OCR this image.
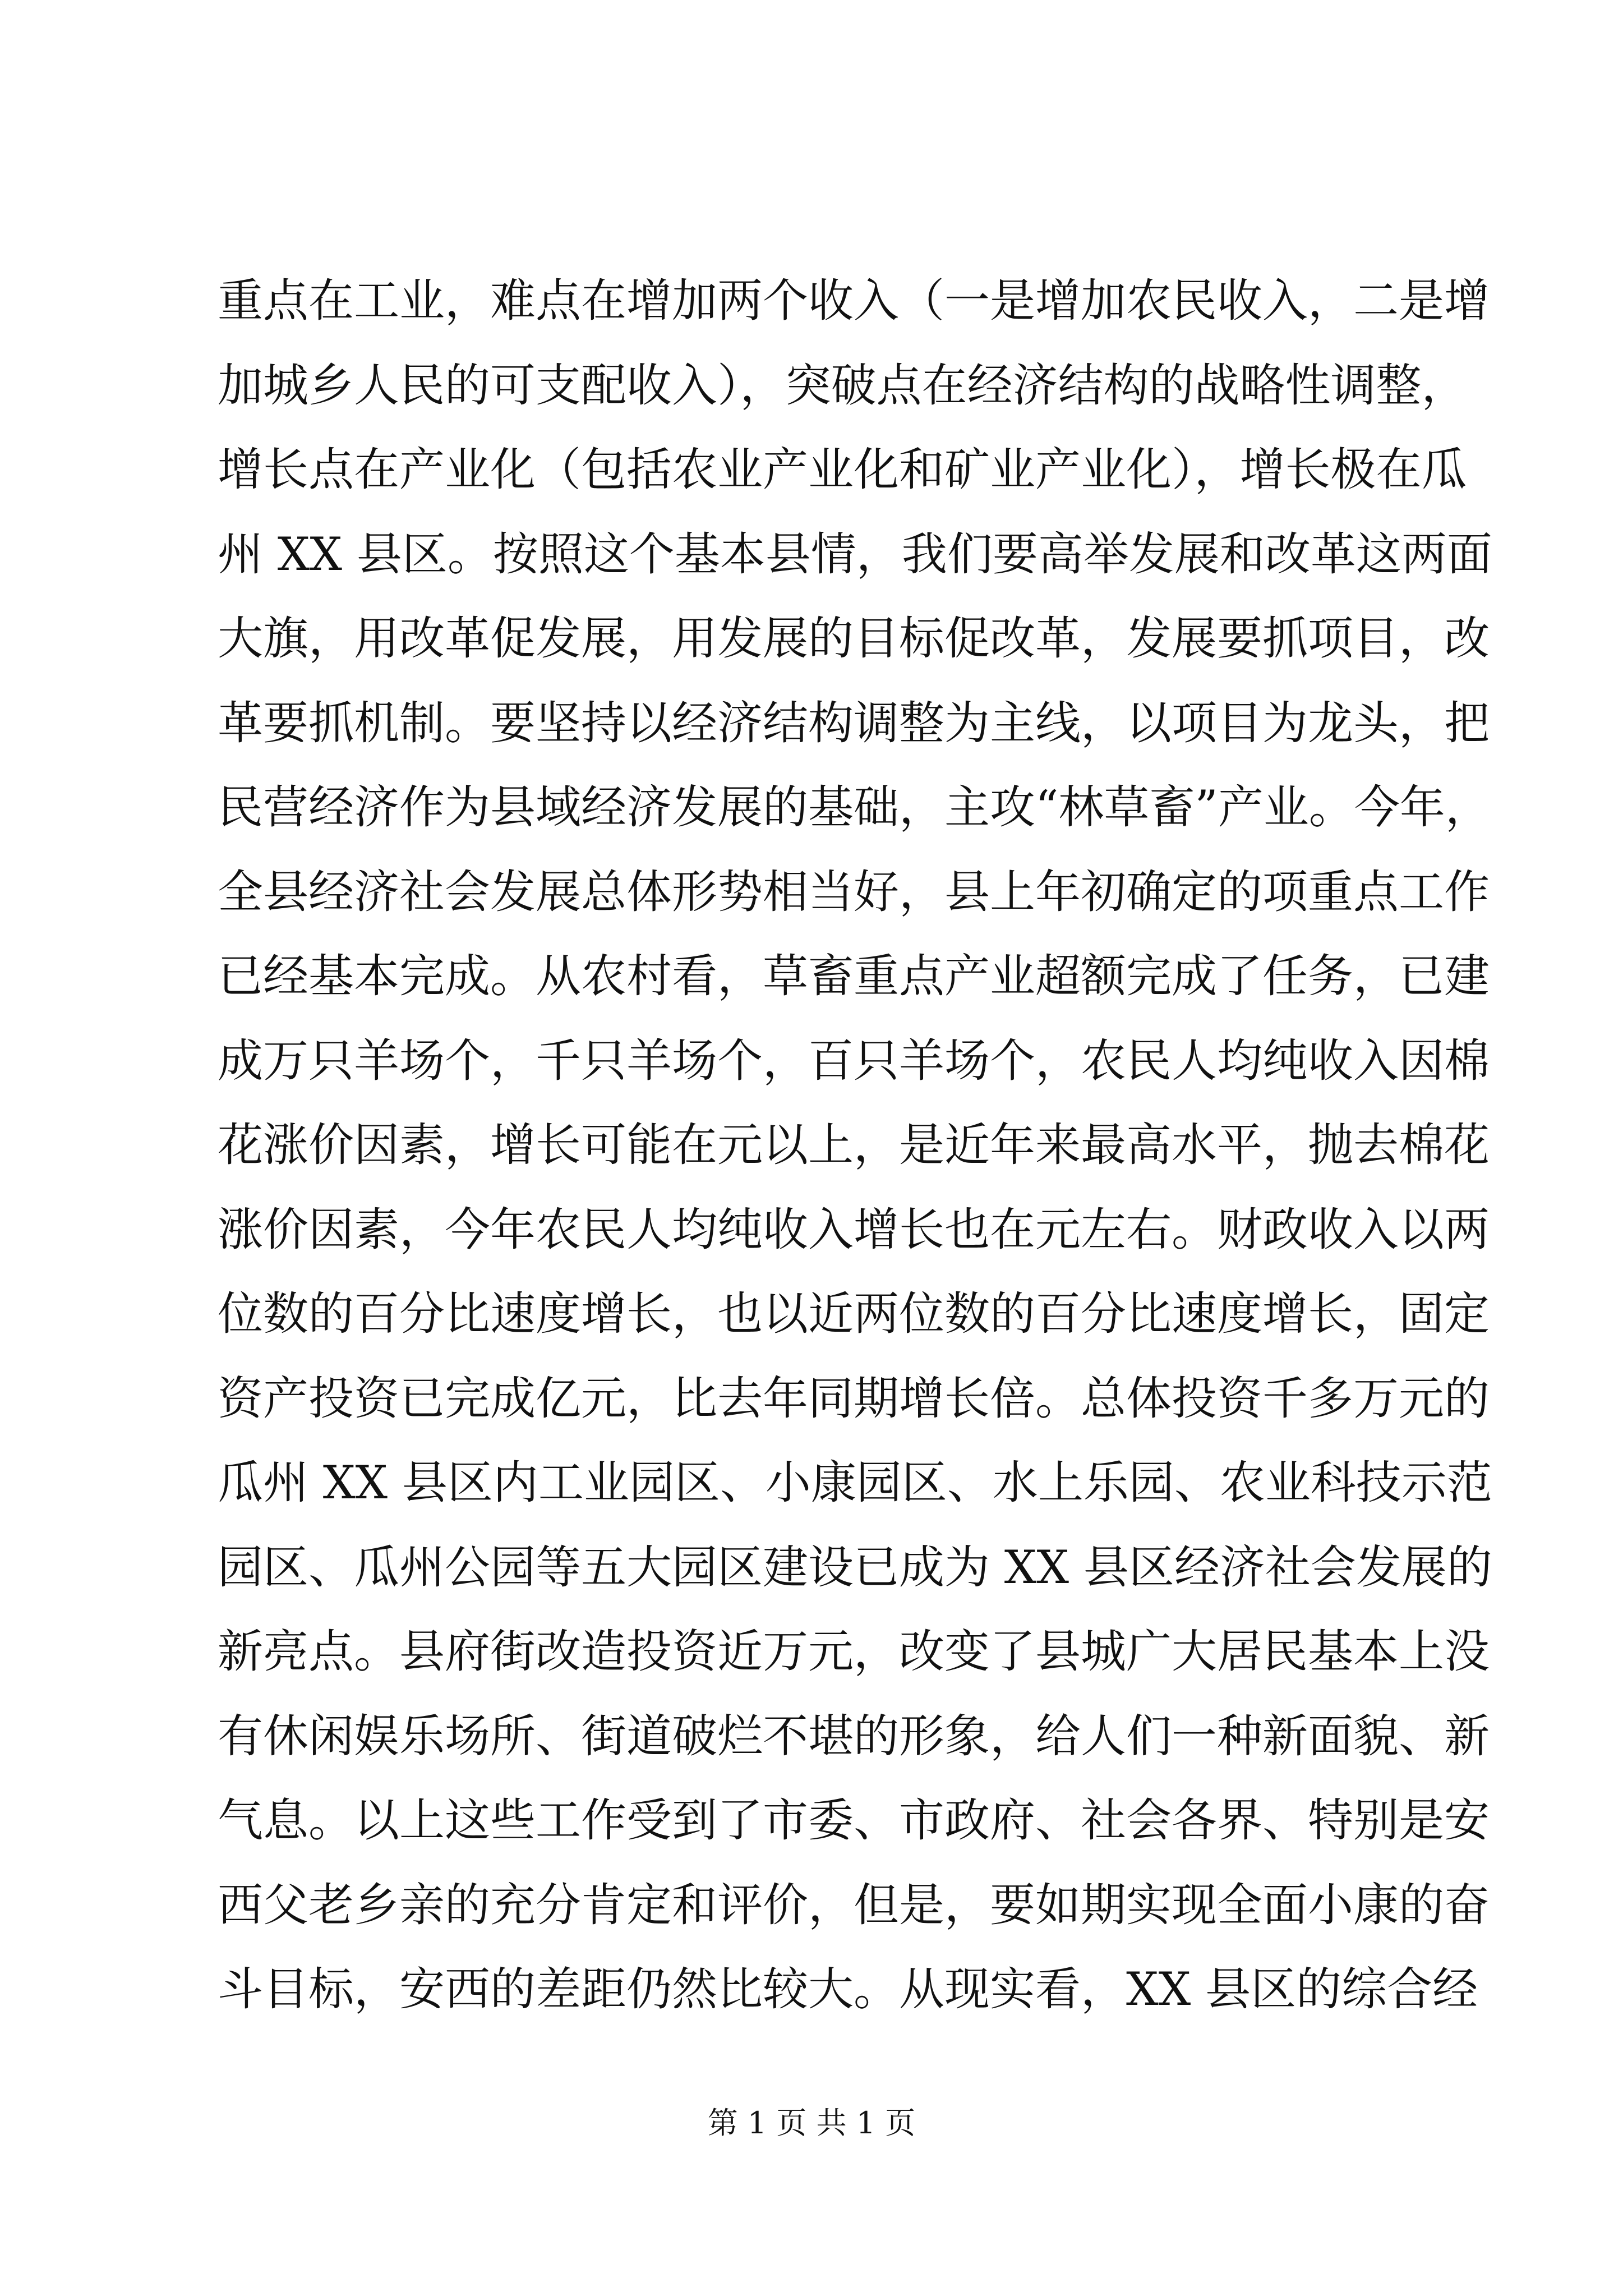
重点在工业，难点在增加两个收入（一是增加农民收入，二是增
加城乡人民的可支配收入），突破点在经济结构的战略性调整，
增长点在产业化（包括农业产业化和矿业产业化），增长极在瓜
州 XX 县区。按照这个基本县情，我们要高举发展和改革这两面
大旗，用改革促发展，用发展的目标促改革，发展要抓项目，改
革要抓机制。要坚持以经济结构调整为主线，以项目为龙头，把
民营经济作为县域经济发展的基础，主攻“林草畜”产业。今年，
全县经济社会发展总体形势相当好，县上年初确定的项重点工作
已经基本完成。从农村看，草畜重点产业超额完成了任务，已建
成万只羊场个，千只羊场个，百只羊场个，农民人均纯收入因棉
花涨价因素，增长可能在元以上，是近年来最高水平，抛去棉花
涨价因素，今年农民人均纯收入增长也在元左右。财政收入以两
位数的百分比速度增长，也以近两位数的百分比速度增长，固定
资产投资已完成亿元，比去年同期增长倍。总体投资千多万元的
瓜州 XX 县区内工业园区、小康园区、水上乐园、农业科技示范
园区、瓜州公园等五大园区建设已成为 XX 县区经济社会发展的
新亮点。县府街改造投资近万元，改变了县城广大居民基本上没
有休闲娱乐场所、街道破烂不堪的形象，给人们一种新面貌、新
气息。以上这些工作受到了市委、市政府、社会各界、特别是安
西父老乡亲的充分肯定和评价，但是，要如期实现全面小康的奋
斗目标，安西的差距仍然比较大。从现实看，XX 县区的综合经
第 1 页 共 1 页
